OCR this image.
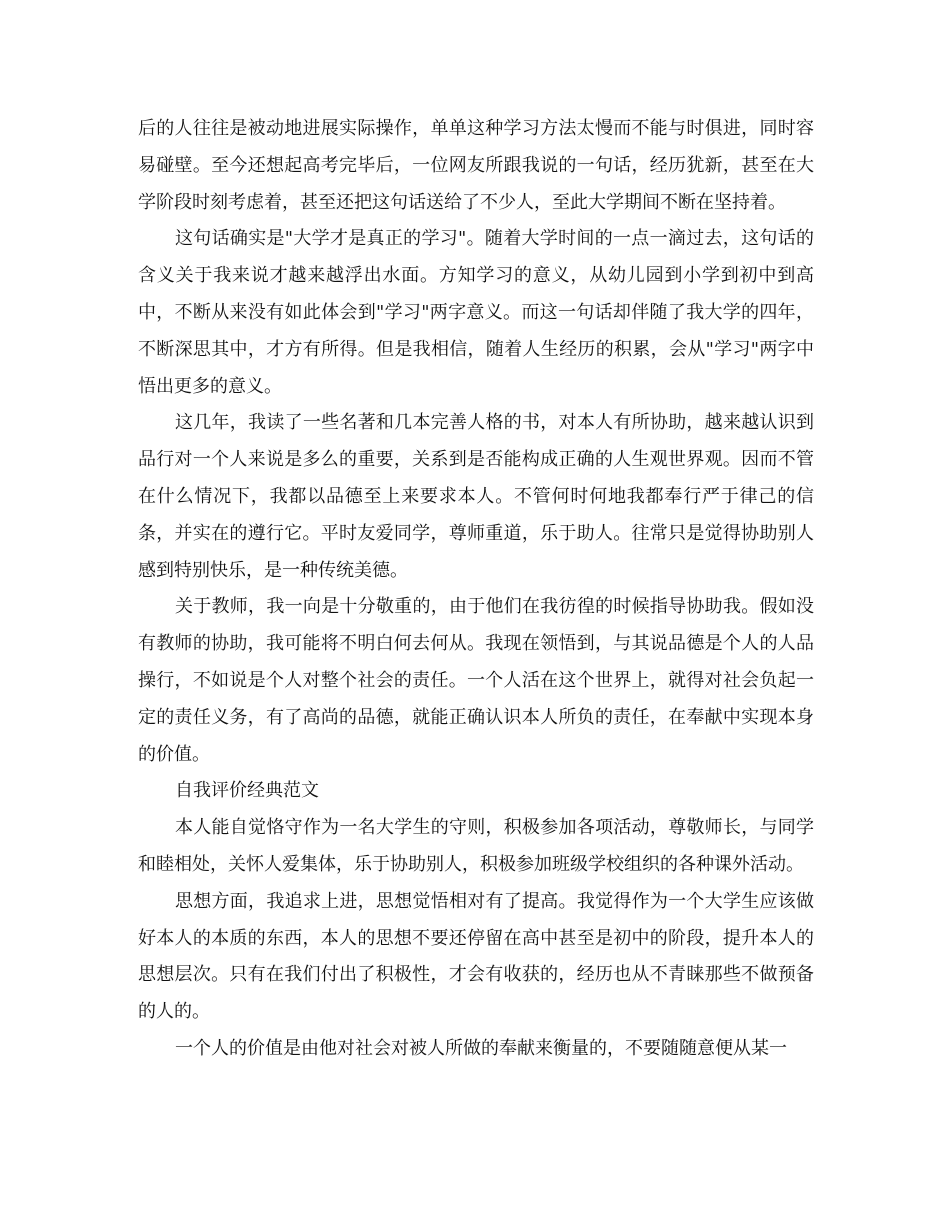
后的人往往是被动地进展实际操作，单单这种学习方法太慢而不能与时俱进，同时容易碰壁。至今还想起高考完毕后，一位网友所跟我说的一句话，经历犹新，甚至在大学阶段时刻考虑着，甚至还把这句话送给了不少人，至此大学期间不断在坚持着。

这句话确实是"大学才是真正的学习"。随着大学时间的一点一滴过去，这句话的含义关于我来说才越来越浮出水面。方知学习的意义，从幼儿园到小学到初中到高中，不断从来没有如此体会到"学习"两字意义。而这一句话却伴随了我大学的四年，不断深思其中，才方有所得。但是我相信，随着人生经历的积累，会从"学习"两字中悟出更多的意义。

这几年，我读了一些名著和几本完善人格的书，对本人有所协助，越来越认识到品行对一个人来说是多么的重要，关系到是否能构成正确的人生观世界观。因而不管在什么情况下，我都以品德至上来要求本人。不管何时何地我都奉行严于律己的信条，并实在的遵行它。平时友爱同学，尊师重道，乐于助人。往常只是觉得协助别人感到特别快乐，是一种传统美德。

关于教师，我一向是十分敬重的，由于他们在我彷徨的时候指导协助我。假如没有教师的协助，我可能将不明白何去何从。我现在领悟到，与其说品德是个人的人品操行，不如说是个人对整个社会的责任。一个人活在这个世界上，就得对社会负起一定的责任义务，有了高尚的品德，就能正确认识本人所负的责任，在奉献中实现本身的价值。

自我评价经典范文

本人能自觉恪守作为一名大学生的守则，积极参加各项活动，尊敬师长，与同学和睦相处，关怀人爱集体，乐于协助别人，积极参加班级学校组织的各种课外活动。

思想方面，我追求上进，思想觉悟相对有了提高。我觉得作为一个大学生应该做好本人的本质的东西，本人的思想不要还停留在高中甚至是初中的阶段，提升本人的思想层次。只有在我们付出了积极性，才会有收获的，经历也从不青睐那些不做预备的人的。

一个人的价值是由他对社会对被人所做的奉献来衡量的，不要随随意便从某一
